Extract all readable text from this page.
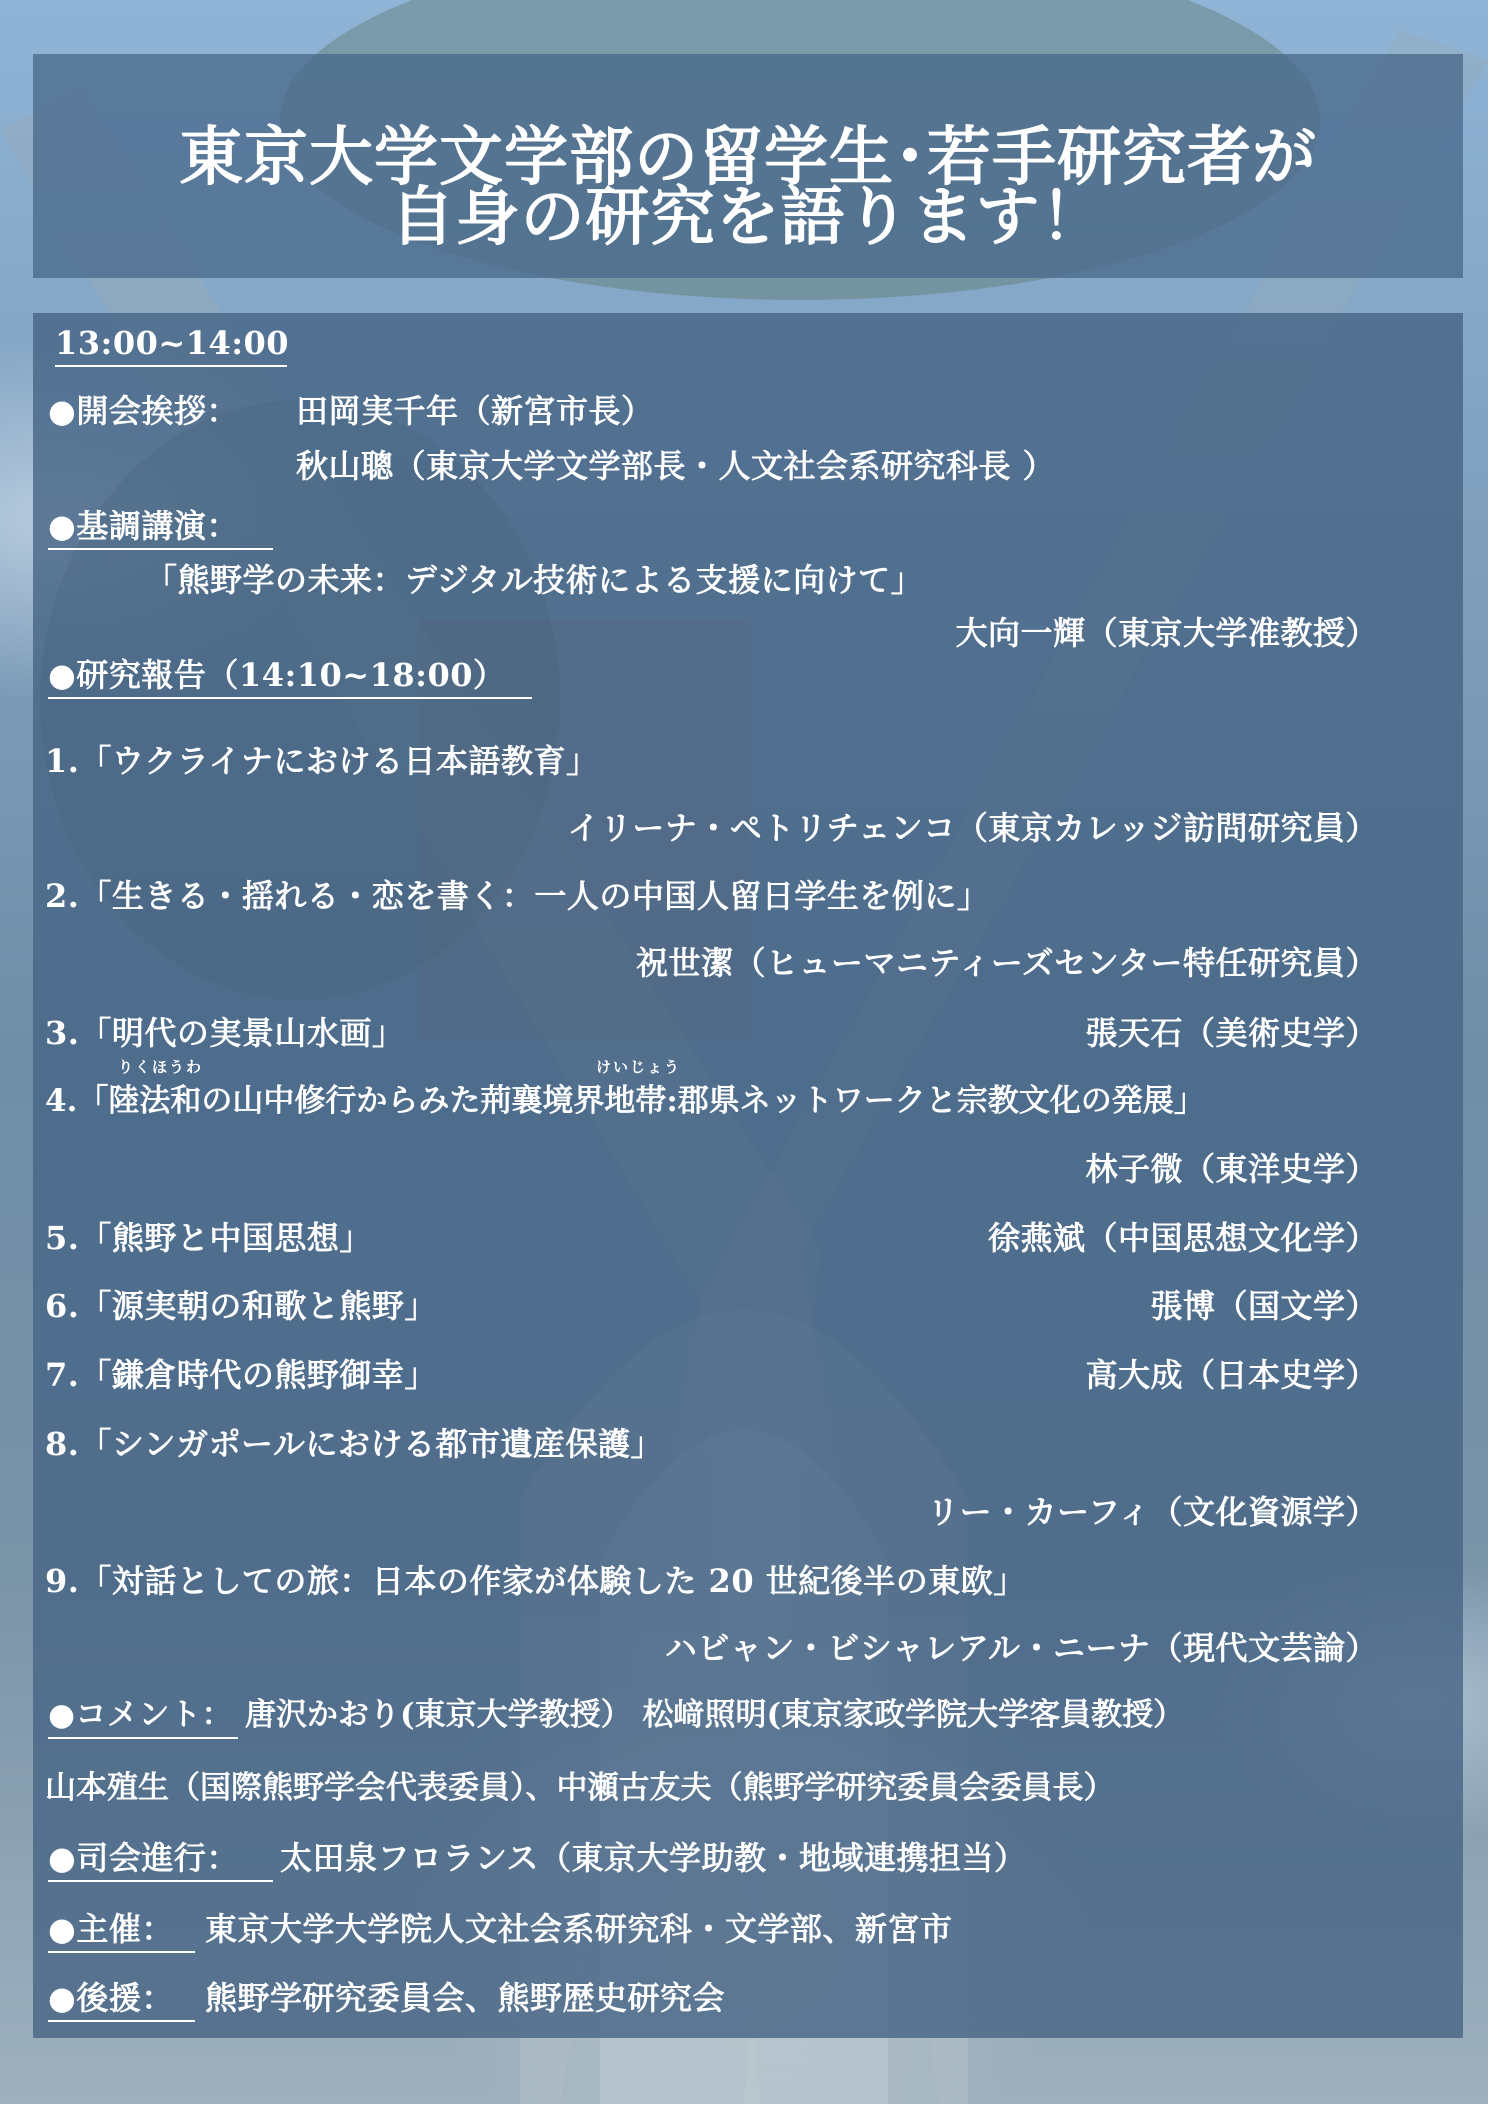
東京大学文学部の留学生･若手研究者が
自身の研究を語ります！
13:00~14:00
●開会挨拶： 田岡実千年（新宮市長）
秋山聰（東京大学文学部長・人文社会系研究科長 ）
●基調講演：
「熊野学の未来：デジタル技術による支援に向けて」
大向一輝（東京大学准教授）
●研究報告（14:10~18:00）
1.「ウクライナにおける日本語教育」
イリーナ・ペトリチェンコ（東京カレッジ訪問研究員）
2.「生きる・揺れる・恋を書く：一人の中国人留日学生を例に」
祝世潔（ヒューマニティーズセンター特任研究員）
3.「明代の実景山水画」	張天石（美術史学）
りくほうわ	けいじょう
4.「陸法和の山中修行からみた荊襄境界地帯:郡県ネットワークと宗教文化の発展」
林子微（東洋史学）
5.「熊野と中国思想」	徐燕斌（中国思想文化学）
6.「源実朝の和歌と熊野」	張博（国文学）
7.「鎌倉時代の熊野御幸」	高大成（日本史学）
8.「シンガポールにおける都市遺産保護」
リー・カーフィ（文化資源学）
9.「対話としての旅：日本の作家が体験した 20 世紀後半の東欧」
ハビャン・ビシャレアル・ニーナ（現代文芸論）
●コメント： 唐沢かおり(東京大学教授） 松﨑照明(東京家政学院大学客員教授）
山本殖生（国際熊野学会代表委員）、中瀬古友夫（熊野学研究委員会委員長）
●司会進行：	太田泉フロランス（東京大学助教・地域連携担当）
●主催： 東京大学大学院人文社会系研究科・文学部、新宮市
●後援： 熊野学研究委員会、熊野歴史研究会
